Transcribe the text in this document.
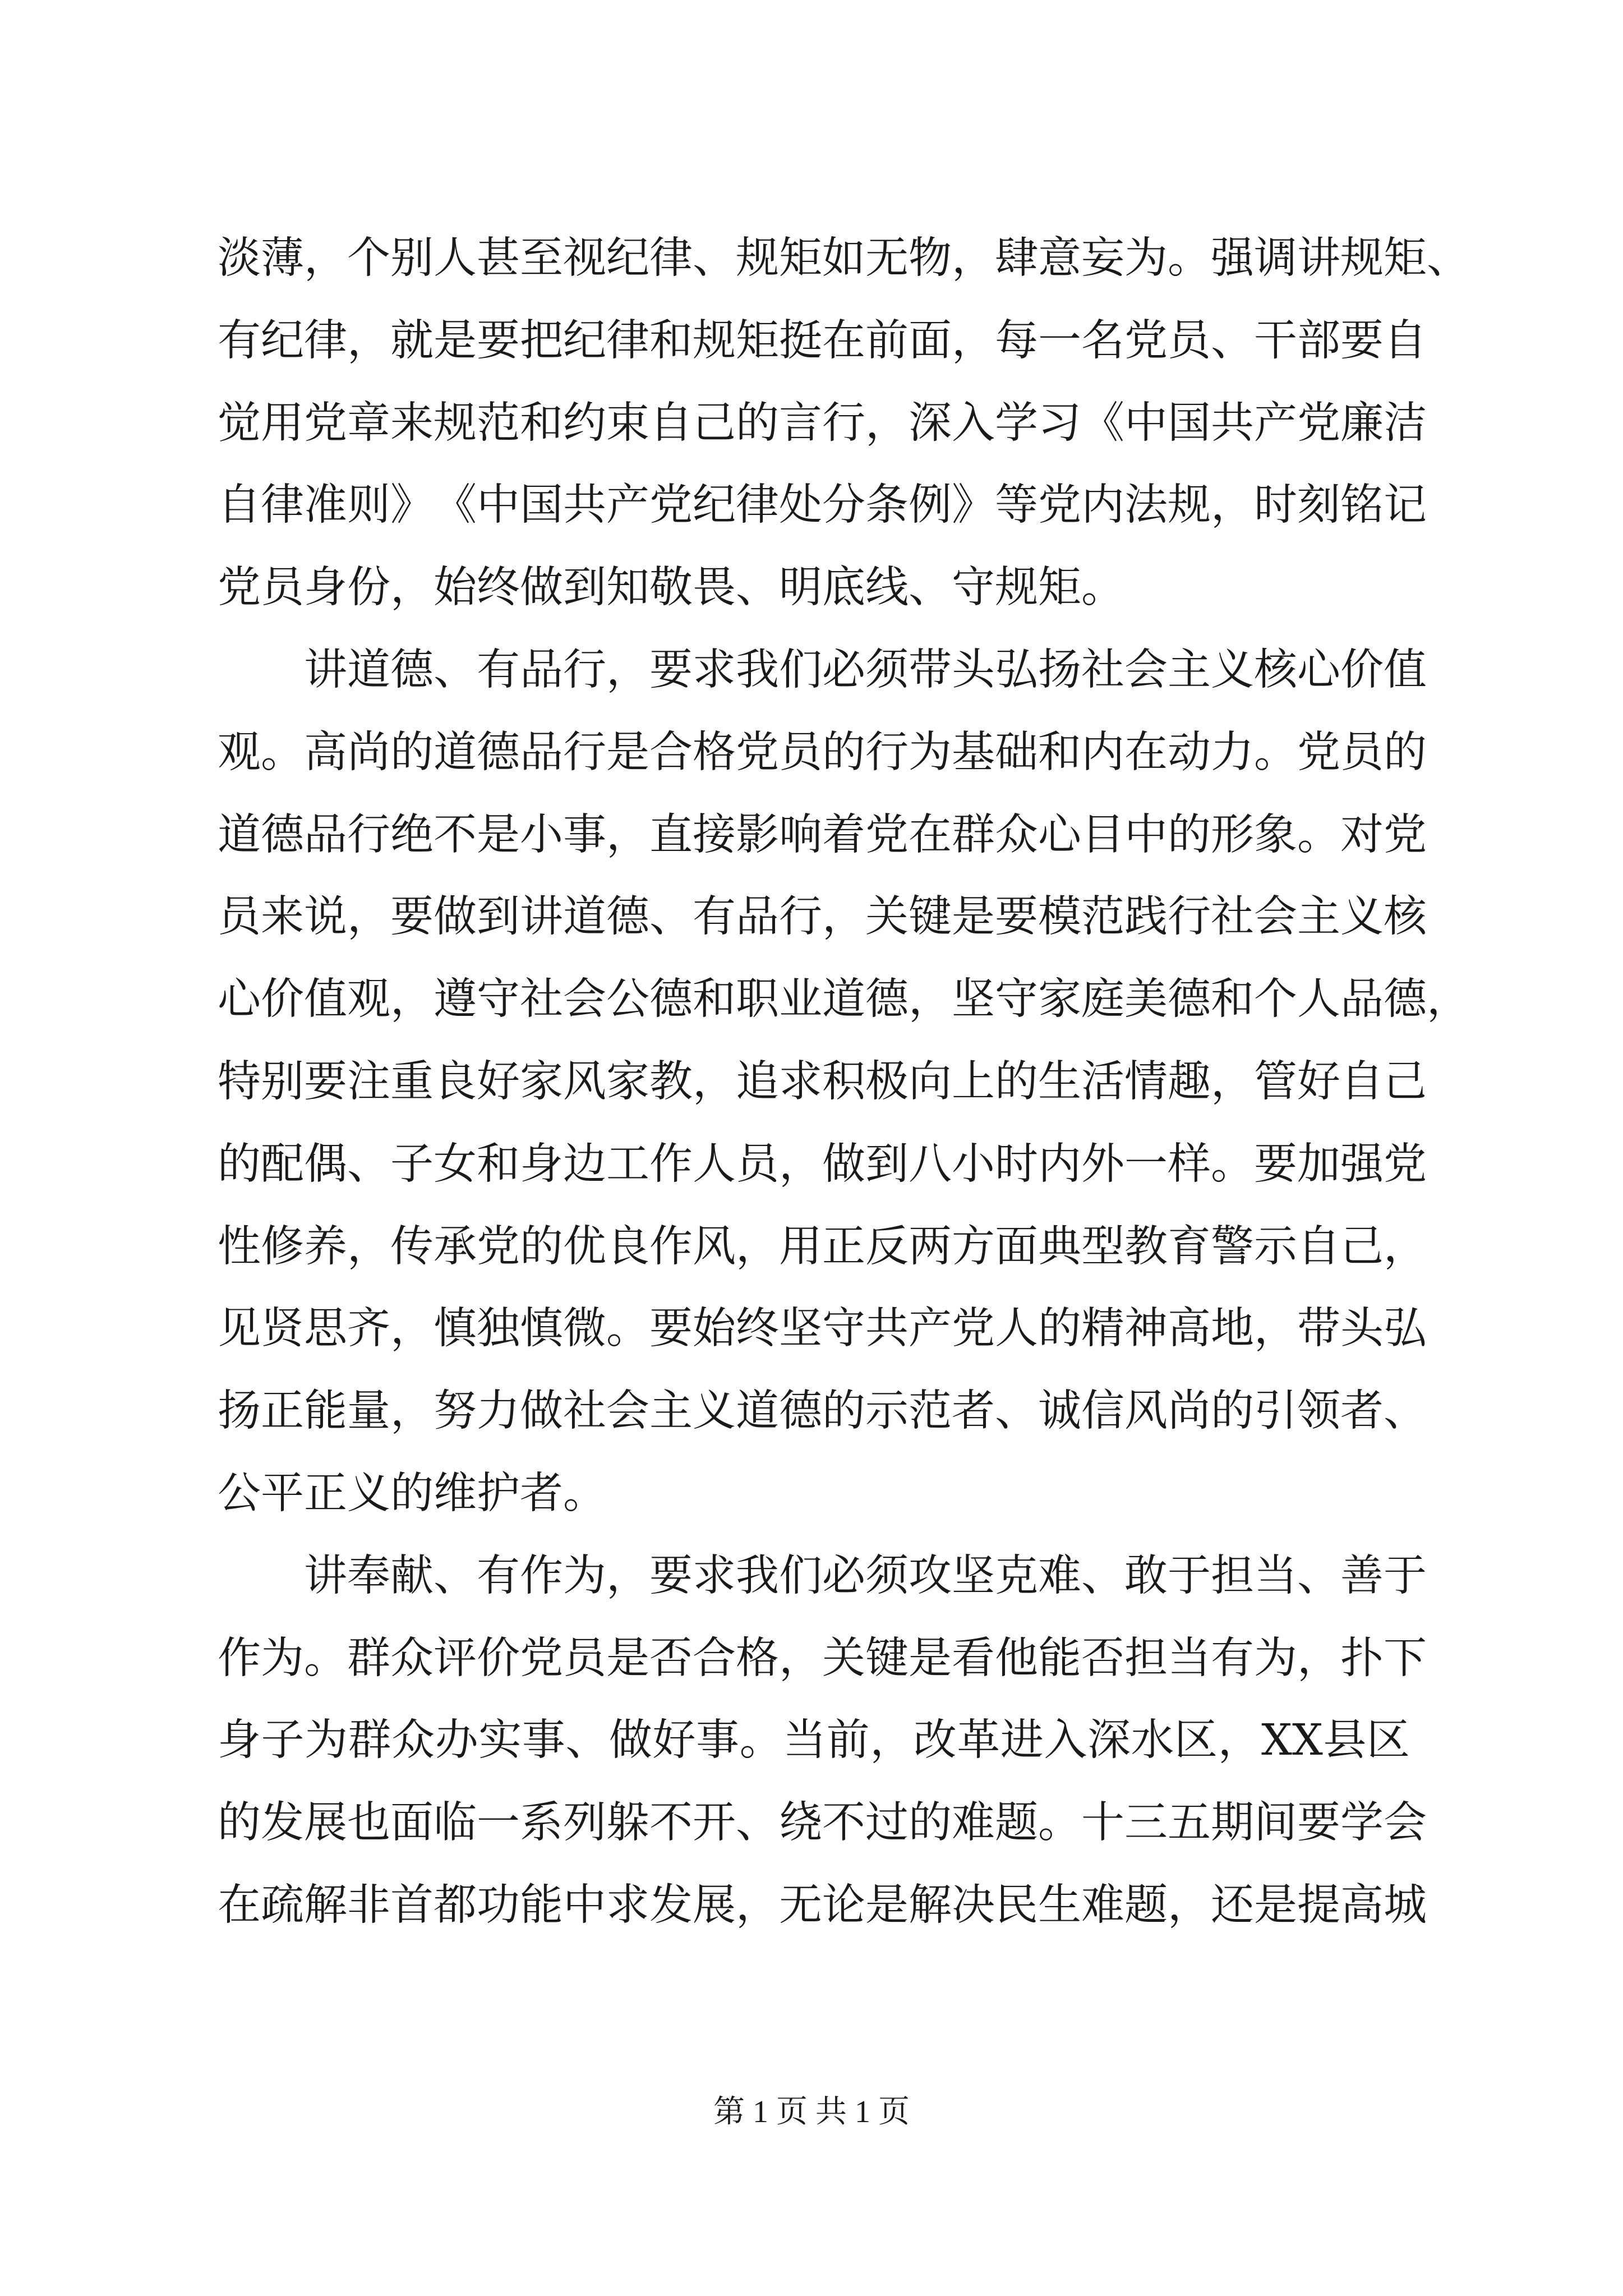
淡 薄 ， 个 别 人 甚 至 视 纪 律 、 规 矩 如 无 物 ， 肆 意 妄 为 。 强 调 讲 规 矩 、
有 纪 律 ， 就 是 要 把 纪 律 和 规 矩 挺 在 前 面 ， 每 一 名 党 员 、 干 部 要 自
觉 用 党 章 来 规 范 和 约 束 自 己 的 言 行 ， 深 入 学 习 《 中 国 共 产 党 廉 洁
自 律 准 则 》 《 中 国 共 产 党 纪 律 处 分 条 例 》 等 党 内 法 规 ， 时 刻 铭 记
党员身份，始终做到知敬畏、明底线、守规矩。
讲 道 德 、 有 品 行 ， 要 求 我 们 必 须 带 头 弘 扬 社 会 主 义 核 心 价 值
观 。 高 尚 的 道 德 品 行 是 合 格 党 员 的 行 为 基 础 和 内 在 动 力 。 党 员 的
道 德 品 行 绝 不 是 小 事 ， 直 接 影 响 着 党 在 群 众 心 目 中 的 形 象 。 对 党
员 来 说 ， 要 做 到 讲 道 德 、 有 品 行 ， 关 键 是 要 模 范 践 行 社 会 主 义 核
心 价 值 观 ， 遵 守 社 会 公 德 和 职 业 道 德 ， 坚 守 家 庭 美 德 和 个 人 品 德 ，
特 别 要 注 重 良 好 家 风 家 教 ， 追 求 积 极 向 上 的 生 活 情 趣 ， 管 好 自 己
的 配 偶 、 子 女 和 身 边 工 作 人 员 ， 做 到 八 小 时 内 外 一 样 。 要 加 强 党
性 修 养 ， 传 承 党 的 优 良 作 风 ， 用 正 反 两 方 面 典 型 教 育 警 示 自 己 ，
见 贤 思 齐 ， 慎 独 慎 微 。 要 始 终 坚 守 共 产 党 人 的 精 神 高 地 ， 带 头 弘
扬 正 能 量 ， 努 力 做 社 会 主 义 道 德 的 示 范 者 、 诚 信 风 尚 的 引 领 者 、
公平正义的维护者。
讲 奉 献 、 有 作 为 ， 要 求 我 们 必 须 攻 坚 克 难 、 敢 于 担 当 、 善 于
作 为 。 群 众 评 价 党 员 是 否 合 格 ， 关 键 是 看 他 能 否 担 当 有 为 ， 扑 下
身 子 为 群 众 办 实 事 、 做 好 事 。 当 前 ， 改 革 进 入 深 水 区 ， XX 县 区
的 发 展 也 面 临 一 系 列 躲 不 开 、 绕 不 过 的 难 题 。 十 三 五 期 间 要 学 会
在 疏 解 非 首 都 功 能 中 求 发 展 ， 无 论 是 解 决 民 生 难 题 ， 还 是 提 高 城
第 1 页 共 1 页
